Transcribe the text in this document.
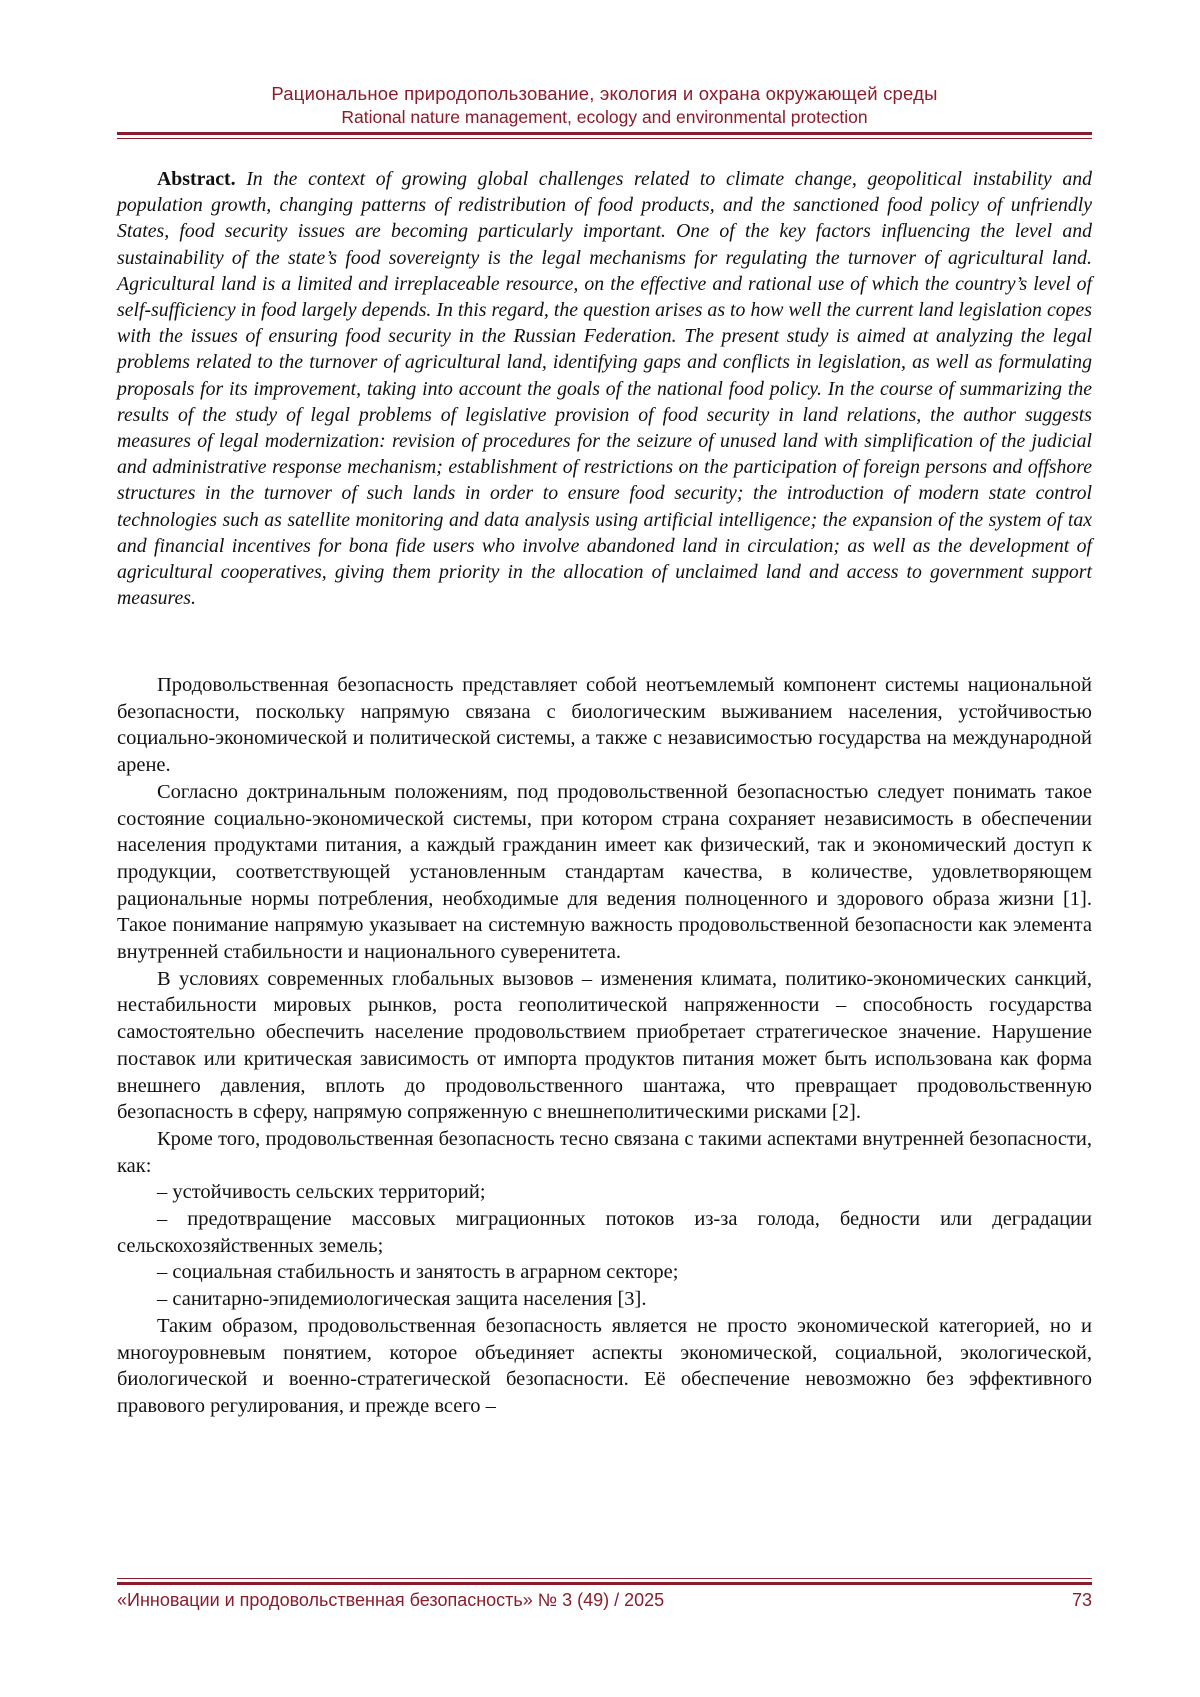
Рациональное природопользование, экология и охрана окружающей среды
Rational nature management, ecology and environmental protection
Abstract. In the context of growing global challenges related to climate change, geopolitical instability and population growth, changing patterns of redistribution of food products, and the sanctioned food policy of unfriendly States, food security issues are becoming particularly important. One of the key factors influencing the level and sustainability of the state’s food sovereignty is the legal mechanisms for regulating the turnover of agricultural land. Agricultural land is a limited and irreplaceable resource, on the effective and rational use of which the country’s level of self-sufficiency in food largely depends. In this regard, the question arises as to how well the current land legislation copes with the issues of ensuring food security in the Russian Federation. The present study is aimed at analyzing the legal problems related to the turnover of agricultural land, identifying gaps and conflicts in legislation, as well as formulating proposals for its improvement, taking into account the goals of the national food policy. In the course of summarizing the results of the study of legal problems of legislative provision of food security in land relations, the author suggests measures of legal modernization: revision of procedures for the seizure of unused land with simplification of the judicial and administrative response mechanism; establishment of restrictions on the participation of foreign persons and offshore structures in the turnover of such lands in order to ensure food security; the introduction of modern state control technologies such as satellite monitoring and data analysis using artificial intelligence; the expansion of the system of tax and financial incentives for bona fide users who involve abandoned land in circulation; as well as the development of agricultural cooperatives, giving them priority in the allocation of unclaimed land and access to government support measures.

Продовольственная безопасность представляет собой неотъемлемый компонент системы национальной безопасности, поскольку напрямую связана с биологическим выживанием населения, устойчивостью социально-экономической и политической системы, а также с независимостью государства на международной арене.

Согласно доктринальным положениям, под продовольственной безопасностью следует понимать такое состояние социально-экономической системы, при котором страна сохраняет независимость в обеспечении населения продуктами питания, а каждый гражданин имеет как физический, так и экономический доступ к продукции, соответствующей установленным стандартам качества, в количестве, удовлетворяющем рациональные нормы потребления, необходимые для ведения полноценного и здорового образа жизни [1]. Такое понимание напрямую указывает на системную важность продовольственной безопасности как элемента внутренней стабильности и национального суверенитета.

В условиях современных глобальных вызовов – изменения климата, политико-экономических санкций, нестабильности мировых рынков, роста геополитической напряженности – способность государства самостоятельно обеспечить население продовольствием приобретает стратегическое значение. Нарушение поставок или критическая зависимость от импорта продуктов питания может быть использована как форма внешнего давления, вплоть до продовольственного шантажа, что превращает продовольственную безопасность в сферу, напрямую сопряженную с внешнеполитическими рисками [2].

Кроме того, продовольственная безопасность тесно связана с такими аспектами внутренней безопасности, как:

– устойчивость сельских территорий;

– предотвращение массовых миграционных потоков из-за голода, бедности или деградации сельскохозяйственных земель;

– социальная стабильность и занятость в аграрном секторе;

– санитарно-эпидемиологическая защита населения [3].

Таким образом, продовольственная безопасность является не просто экономической категорией, но и многоуровневым понятием, которое объединяет аспекты экономической, социальной, экологической, биологической и военно-стратегической безопасности. Её обеспечение невозможно без эффективного правового регулирования, и прежде всего –

«Инновации и продовольственная безопасность» № 3 (49) / 2025	73
